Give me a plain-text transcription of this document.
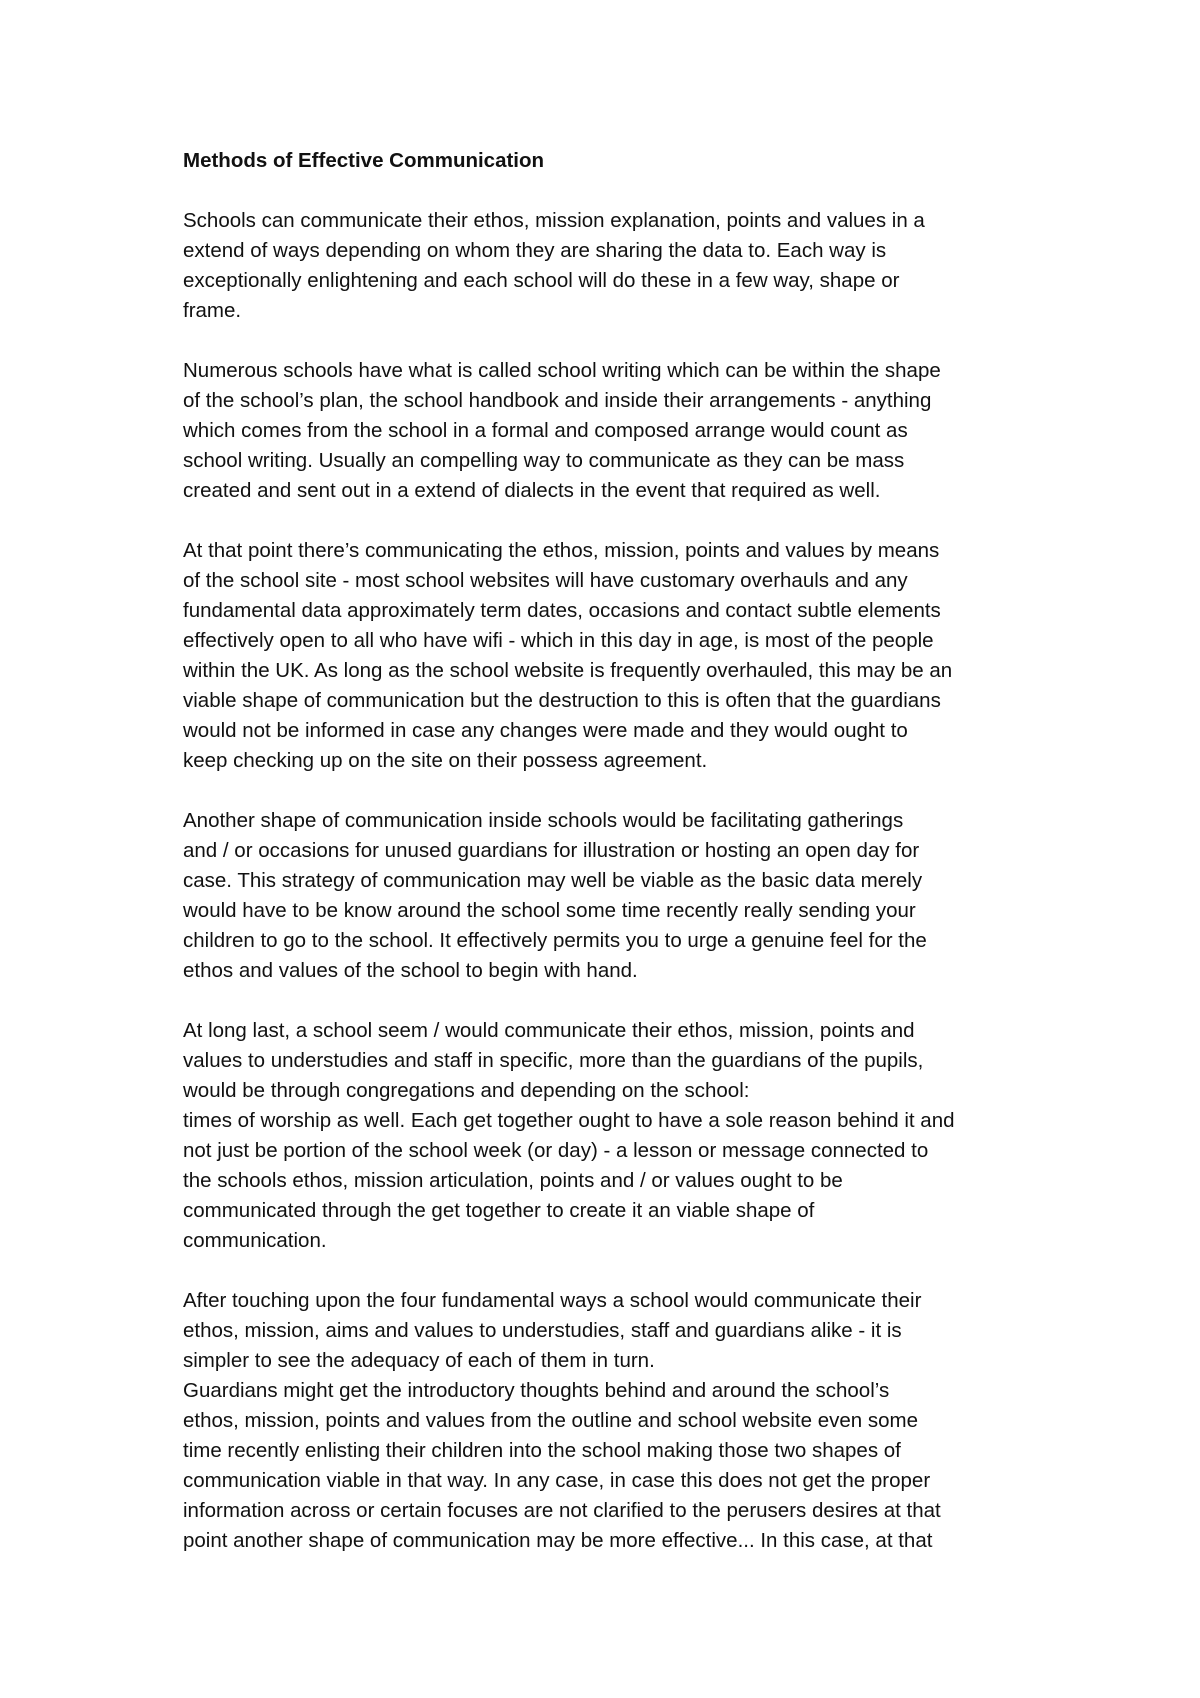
Methods of Effective Communication
Schools can communicate their ethos, mission explanation, points and values in a
extend of ways depending on whom they are sharing the data to. Each way is
exceptionally enlightening and each school will do these in a few way, shape or
frame.
Numerous schools have what is called school writing which can be within the shape
of the school’s plan, the school handbook and inside their arrangements - anything
which comes from the school in a formal and composed arrange would count as
school writing. Usually an compelling way to communicate as they can be mass
created and sent out in a extend of dialects in the event that required as well.
At that point there’s communicating the ethos, mission, points and values by means
of the school site - most school websites will have customary overhauls and any
fundamental data approximately term dates, occasions and contact subtle elements
effectively open to all who have wifi - which in this day in age, is most of the people
within the UK. As long as the school website is frequently overhauled, this may be an
viable shape of communication but the destruction to this is often that the guardians
would not be informed in case any changes were made and they would ought to
keep checking up on the site on their possess agreement.
Another shape of communication inside schools would be facilitating gatherings
and / or occasions for unused guardians for illustration or hosting an open day for
case. This strategy of communication may well be viable as the basic data merely
would have to be know around the school some time recently really sending your
children to go to the school. It effectively permits you to urge a genuine feel for the
ethos and values of the school to begin with hand.
At long last, a school seem / would communicate their ethos, mission, points and
values to understudies and staff in specific, more than the guardians of the pupils,
would be through congregations and depending on the school:
times of worship as well. Each get together ought to have a sole reason behind it and
not just be portion of the school week (or day) - a lesson or message connected to
the schools ethos, mission articulation, points and / or values ought to be
communicated through the get together to create it an viable shape of
communication.
After touching upon the four fundamental ways a school would communicate their
ethos, mission, aims and values to understudies, staff and guardians alike - it is
simpler to see the adequacy of each of them in turn.
Guardians might get the introductory thoughts behind and around the school’s
ethos, mission, points and values from the outline and school website even some
time recently enlisting their children into the school making those two shapes of
communication viable in that way. In any case, in case this does not get the proper
information across or certain focuses are not clarified to the perusers desires at that
point another shape of communication may be more effective... In this case, at that
